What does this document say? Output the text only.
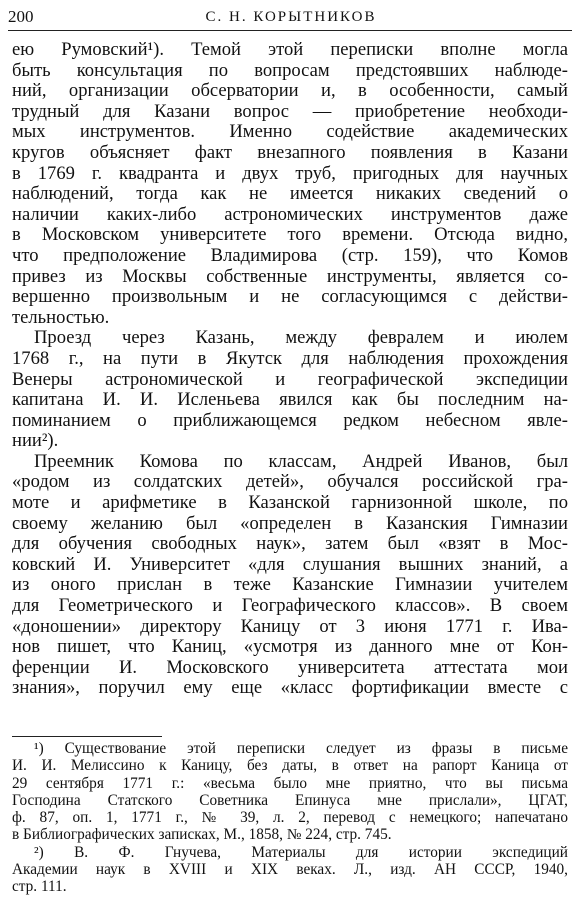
200	С. Н. КОРЫТНИКОВ
ею Румовский¹). Темой этой переписки вполне могла
быть консультация по вопросам предстоявших наблюде-
ний, организации обсерватории и, в особенности, самый
трудный для Казани вопрос — приобретение необходи-
мых инструментов. Именно содействие академических
кругов объясняет факт внезапного появления в Казани
в 1769 г. квадранта и двух труб, пригодных для научных
наблюдений, тогда как не имеется никаких сведений о
наличии каких-либо астрономических инструментов даже
в Московском университете того времени. Отсюда видно,
что предположение Владимирова (стр. 159), что Комов
привез из Москвы собственные инструменты, является со-
вершенно произвольным и не согласующимся с действи-
тельностью.
Проезд через Казань, между февралем и июлем
1768 г., на пути в Якутск для наблюдения прохождения
Венеры астрономической и географической экспедиции
капитана И. И. Исленьева явился как бы последним на-
поминанием о приближающемся редком небесном явле-
нии²).
Преемник Комова по классам, Андрей Иванов, был
«родом из солдатских детей», обучался российской гра-
моте и арифметике в Казанской гарнизонной школе, по
своему желанию был «определен в Казанския Гимназии
для обучения свободных наук», затем был «взят в Мос-
ковский И. Университет «для слушания вышних знаний, а
из оного прислан в теже Казанские Гимназии учителем
для Геометрического и Географического классов». В своем
«доношении» директору Каницу от 3 июня 1771 г. Ива-
нов пишет, что Каниц, «усмотря из данного мне от Кон-
ференции И. Московского университета аттестата мои
знания», поручил ему еще «класс фортификации вместе с
¹) Существование этой переписки следует из фразы в письме
И. И. Мелиссино к Каницу, без даты, в ответ на рапорт Каница от
29 сентября 1771 г.: «весьма было мне приятно, что вы письма
Господина Статского Советника Епинуса мне прислали», ЦГАТ,
ф. 87, оп. 1, 1771 г., № 39, л. 2, перевод с немецкого; напечатано
в Библиографических записках, М., 1858, № 224, стр. 745.
²) В. Ф. Гнучева, Материалы для истории экспедиций
Академии наук в XVIII и XIX веках. Л., изд. АН СССР, 1940,
стр. 111.
